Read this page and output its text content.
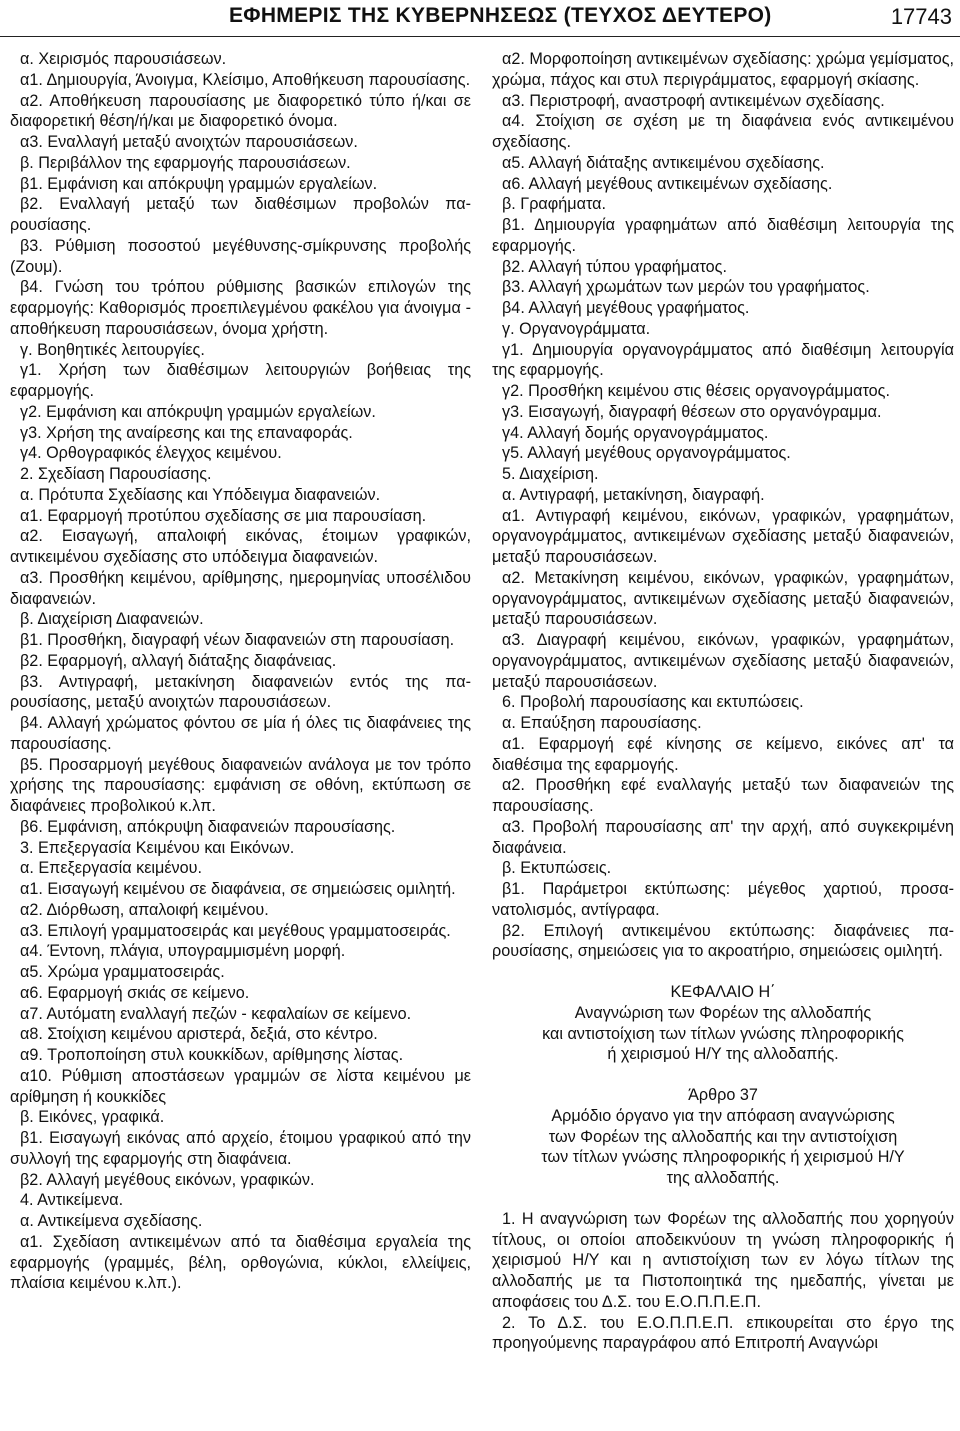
ΕΦΗΜΕΡΙΣ ΤΗΣ ΚΥΒΕΡΝΗΣΕΩΣ (ΤΕΥΧΟΣ ΔΕΥΤΕΡΟ)	17743

α. Χειρισμός παρουσιάσεων.

α1. Δημιουργία, Άνοιγμα, Κλείσιμο, Αποθήκευση παρουσίασης.

α2. Αποθήκευση παρουσίασης με διαφορετικό τύπο ή/και σε διαφορετική θέση/ή/και με διαφορετικό όνομα.

α3. Εναλλαγή μεταξύ ανοιχτών παρουσιάσεων.

β. Περιβάλλον της εφαρμογής παρουσιάσεων.

β1. Εμφάνιση και απόκρυψη γραμμών εργαλείων.

β2. Εναλλαγή μεταξύ των διαθέσιμων προβολών παρουσίασης.

β3. Ρύθμιση ποσοστού μεγέθυνσης-σμίκρυνσης προβολής (Ζουμ).

β4. Γνώση του τρόπου ρύθμισης βασικών επιλογών της εφαρμογής: Καθορισμός προεπιλεγμένου φακέλου για άνοιγμα - αποθήκευση παρουσιάσεων, όνομα χρήστη.

γ. Βοηθητικές λειτουργίες.

γ1. Χρήση των διαθέσιμων λειτουργιών βοήθειας της εφαρμογής.

γ2. Εμφάνιση και απόκρυψη γραμμών εργαλείων.

γ3. Χρήση της αναίρεσης και της επαναφοράς.

γ4. Ορθογραφικός έλεγχος κειμένου.

2. Σχεδίαση Παρουσίασης.

α. Πρότυπα Σχεδίασης και Υπόδειγμα διαφανειών.

α1. Εφαρμογή προτύπου σχεδίασης σε μια παρουσίαση.

α2. Εισαγωγή, απαλοιφή εικόνας, έτοιμων γραφικών, αντικειμένου σχεδίασης στο υπόδειγμα διαφανειών.

α3. Προσθήκη κειμένου, αρίθμησης, ημερομηνίας υποσέλιδου διαφανειών.

β. Διαχείριση Διαφανειών.

β1. Προσθήκη, διαγραφή νέων διαφανειών στη παρουσίαση.

β2. Εφαρμογή, αλλαγή διάταξης διαφάνειας.

β3. Αντιγραφή, μετακίνηση διαφανειών εντός της παρουσίασης, μεταξύ ανοιχτών παρουσιάσεων.

β4. Αλλαγή χρώματος φόντου σε μία ή όλες τις διαφάνειες της παρουσίασης.

β5. Προσαρμογή μεγέθους διαφανειών ανάλογα με τον τρόπο χρήσης της παρουσίασης: εμφάνιση σε οθόνη, εκτύπωση σε διαφάνειες προβολικού κ.λπ.

β6. Εμφάνιση, απόκρυψη διαφανειών παρουσίασης.

3. Επεξεργασία Κειμένου και Εικόνων.

α. Επεξεργασία κειμένου.

α1. Εισαγωγή κειμένου σε διαφάνεια, σε σημειώσεις ομιλητή.

α2. Διόρθωση, απαλοιφή κειμένου.

α3. Επιλογή γραμματοσειράς και μεγέθους γραμματοσειράς.

α4. Έντονη, πλάγια, υπογραμμισμένη μορφή.

α5. Χρώμα γραμματοσειράς.

α6. Εφαρμογή σκιάς σε κείμενο.

α7. Αυτόματη εναλλαγή πεζών - κεφαλαίων σε κείμενο.

α8. Στοίχιση κειμένου αριστερά, δεξιά, στο κέντρο.

α9. Τροποποίηση στυλ κουκκίδων, αρίθμησης λίστας.

α10. Ρύθμιση αποστάσεων γραμμών σε λίστα κειμένου με αρίθμηση ή κουκκίδες

β. Εικόνες, γραφικά.

β1. Εισαγωγή εικόνας από αρχείο, έτοιμου γραφικού από την συλλογή της εφαρμογής στη διαφάνεια.

β2. Αλλαγή μεγέθους εικόνων, γραφικών.

4. Αντικείμενα.

α. Αντικείμενα σχεδίασης.

α1. Σχεδίαση αντικειμένων από τα διαθέσιμα εργαλεία της εφαρμογής (γραμμές, βέλη, ορθογώνια, κύκλοι, ελλείψεις, πλαίσια κειμένου κ.λπ.).

α2. Μορφοποίηση αντικειμένων σχεδίασης: χρώμα γεμίσματος, χρώμα, πάχος και στυλ περιγράμματος, εφαρμογή σκίασης.

α3. Περιστροφή, αναστροφή αντικειμένων σχεδίασης.

α4. Στοίχιση σε σχέση με τη διαφάνεια ενός αντικειμένου σχεδίασης.

α5. Αλλαγή διάταξης αντικειμένου σχεδίασης.

α6. Αλλαγή μεγέθους αντικειμένων σχεδίασης.

β. Γραφήματα.

β1. Δημιουργία γραφημάτων από διαθέσιμη λειτουργία της εφαρμογής.

β2. Αλλαγή τύπου γραφήματος.

β3. Αλλαγή χρωμάτων των μερών του γραφήματος.

β4. Αλλαγή μεγέθους γραφήματος.

γ. Οργανογράμματα.

γ1. Δημιουργία οργανογράμματος από διαθέσιμη λειτουργία της εφαρμογής.

γ2. Προσθήκη κειμένου στις θέσεις οργανογράμματος.

γ3. Εισαγωγή, διαγραφή θέσεων στο οργανόγραμμα.

γ4. Αλλαγή δομής οργανογράμματος.

γ5. Αλλαγή μεγέθους οργανογράμματος.

5. Διαχείριση.

α. Αντιγραφή, μετακίνηση, διαγραφή.

α1. Αντιγραφή κειμένου, εικόνων, γραφικών, γραφημάτων, οργανογράμματος, αντικειμένων σχεδίασης μεταξύ διαφανειών, μεταξύ παρουσιάσεων.

α2. Μετακίνηση κειμένου, εικόνων, γραφικών, γραφημάτων, οργανογράμματος, αντικειμένων σχεδίασης μεταξύ διαφανειών, μεταξύ παρουσιάσεων.

α3. Διαγραφή κειμένου, εικόνων, γραφικών, γραφημάτων, οργανογράμματος, αντικειμένων σχεδίασης μεταξύ διαφανειών, μεταξύ παρουσιάσεων.

6. Προβολή παρουσίασης και εκτυπώσεις.

α. Επαύξηση παρουσίασης.

α1. Εφαρμογή εφέ κίνησης σε κείμενο, εικόνες απ' τα διαθέσιμα της εφαρμογής.

α2. Προσθήκη εφέ εναλλαγής μεταξύ των διαφανειών της παρουσίασης.

α3. Προβολή παρουσίασης απ' την αρχή, από συγκεκριμένη διαφάνεια.

β. Εκτυπώσεις.

β1. Παράμετροι εκτύπωσης: μέγεθος χαρτιού, προσανατολισμός, αντίγραφα.

β2. Επιλογή αντικειμένου εκτύπωσης: διαφάνειες παρουσίασης, σημειώσεις για το ακροατήριο, σημειώσεις ομιλητή.

ΚΕΦΑΛΑΙΟ Η΄

Αναγνώριση των Φορέων της αλλοδαπής

και αντιστοίχιση των τίτλων γνώσης πληροφορικής

ή χειρισμού Η/Υ της αλλοδαπής.

Άρθρο 37

Αρμόδιο όργανο για την απόφαση αναγνώρισης

των Φορέων της αλλοδαπής και την αντιστοίχιση

των τίτλων γνώσης πληροφορικής ή χειρισμού Η/Υ

της αλλοδαπής.

1. Η αναγνώριση των Φορέων της αλλοδαπής που χορηγούν τίτλους, οι οποίοι αποδεικνύουν τη γνώση πληροφορικής ή χειρισμού Η/Υ και η αντιστοίχιση των εν λόγω τίτλων της αλλοδαπής με τα Πιστοποιητικά της ημεδαπής, γίνεται με αποφάσεις του Δ.Σ. του Ε.Ο.Π.Π.Ε.Π.

2. Το Δ.Σ. του Ε.Ο.Π.Π.Ε.Π. επικουρείται στο έργο της προηγούμενης παραγράφου από Επιτροπή Αναγνώρι
